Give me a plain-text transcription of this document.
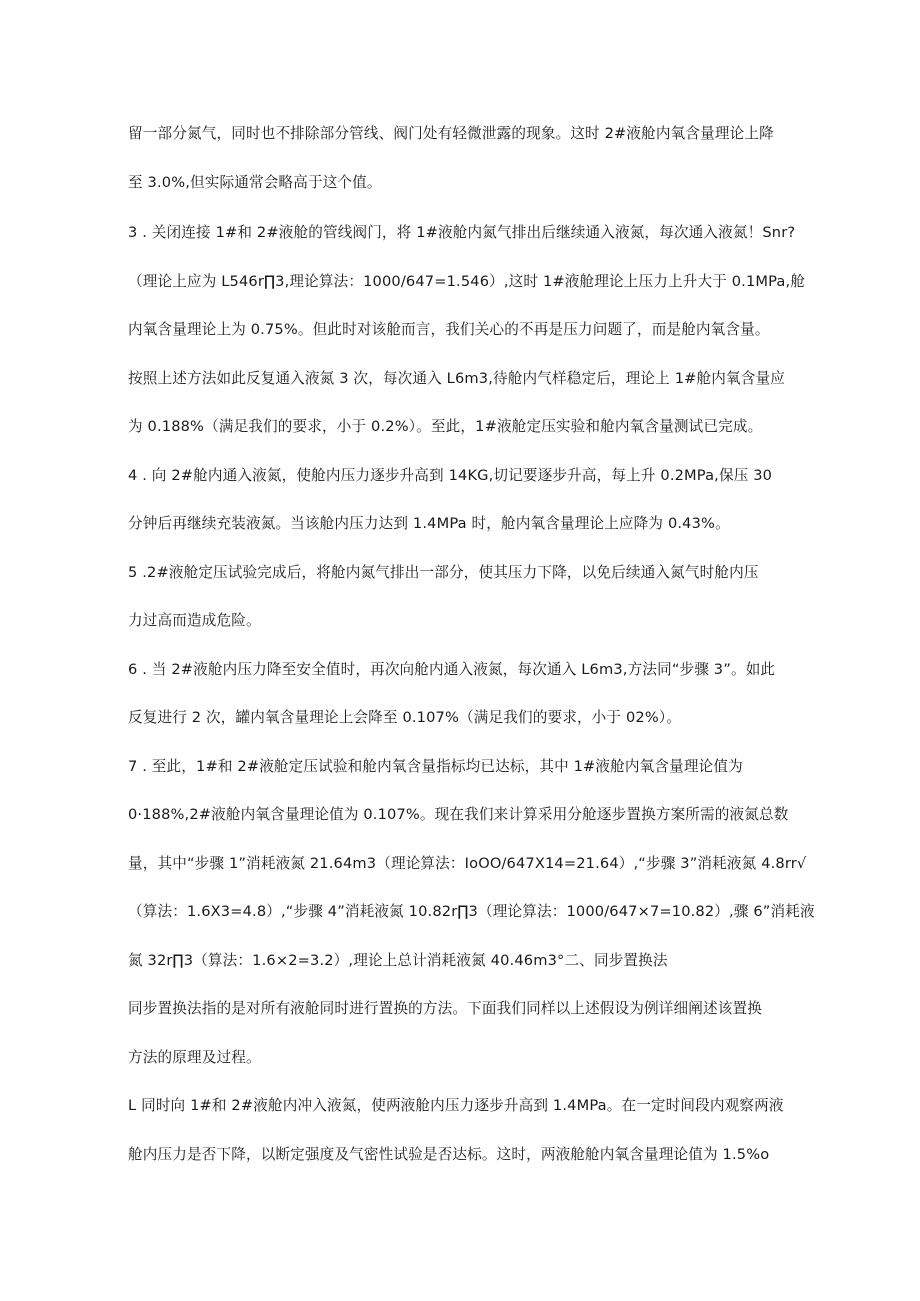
留一部分氮气，同时也不排除部分管线、阀门处有轻微泄露的现象。这时 2#液舱内氧含量理论上降
至 3.0%,但实际通常会略高于这个值。
3 . 关闭连接 1#和 2#液舱的管线阀门，将 1#液舱内氮气排出后继续通入液氮，每次通入液氮！Snr?
（理论上应为 L546r∏3,理论算法：1000/647=1.546）,这时 1#液舱理论上压力上升大于 0.1MPa,舱
内氧含量理论上为 0.75%。但此时对该舱而言，我们关心的不再是压力问题了，而是舱内氧含量。
按照上述方法如此反复通入液氮 3 次，每次通入 L6m3,待舱内气样稳定后，理论上 1#舱内氧含量应
为 0.188%（满足我们的要求，小于 0.2%）。至此，1#液舱定压实验和舱内氧含量测试已完成。
4 . 向 2#舱内通入液氮，使舱内压力逐步升高到 14KG,切记要逐步升高，每上升 0.2MPa,保压 30
分钟后再继续充装液氮。当该舱内压力达到 1.4MPa 时，舱内氧含量理论上应降为 0.43%。
5 .2#液舱定压试验完成后，将舱内氮气排出一部分，使其压力下降，以免后续通入氮气时舱内压
力过高而造成危险。
6 . 当 2#液舱内压力降至安全值时，再次向舱内通入液氮，每次通入 L6m3,方法同“步骤 3”。如此
反复进行 2 次，罐内氧含量理论上会降至 0.107%（满足我们的要求，小于 02%）。
7 . 至此，1#和 2#液舱定压试验和舱内氧含量指标均已达标，其中 1#液舱内氧含量理论值为
0·188%,2#液舱内氧含量理论值为 0.107%。现在我们来计算采用分舱逐步置换方案所需的液氮总数
量，其中“步骤 1”消耗液氮 21.64m3（理论算法：IoOO/647X14=21.64）,“步骤 3”消耗液氮 4.8rr√
（算法：1.6X3=4.8）,“步骤 4”消耗液氮 10.82r∏3（理论算法：1000/647×7=10.82）,骤 6”消耗液
氮 32r∏3（算法：1.6×2=3.2）,理论上总计消耗液氮 40.46m3°二、同步置换法
同步置换法指的是对所有液舱同时进行置换的方法。下面我们同样以上述假设为例详细阐述该置换
方法的原理及过程。
L 同时向 1#和 2#液舱内冲入液氮，使两液舱内压力逐步升高到 1.4MPa。在一定时间段内观察两液
舱内压力是否下降，以断定强度及气密性试验是否达标。这时，两液舱舱内氧含量理论值为 1.5%o
